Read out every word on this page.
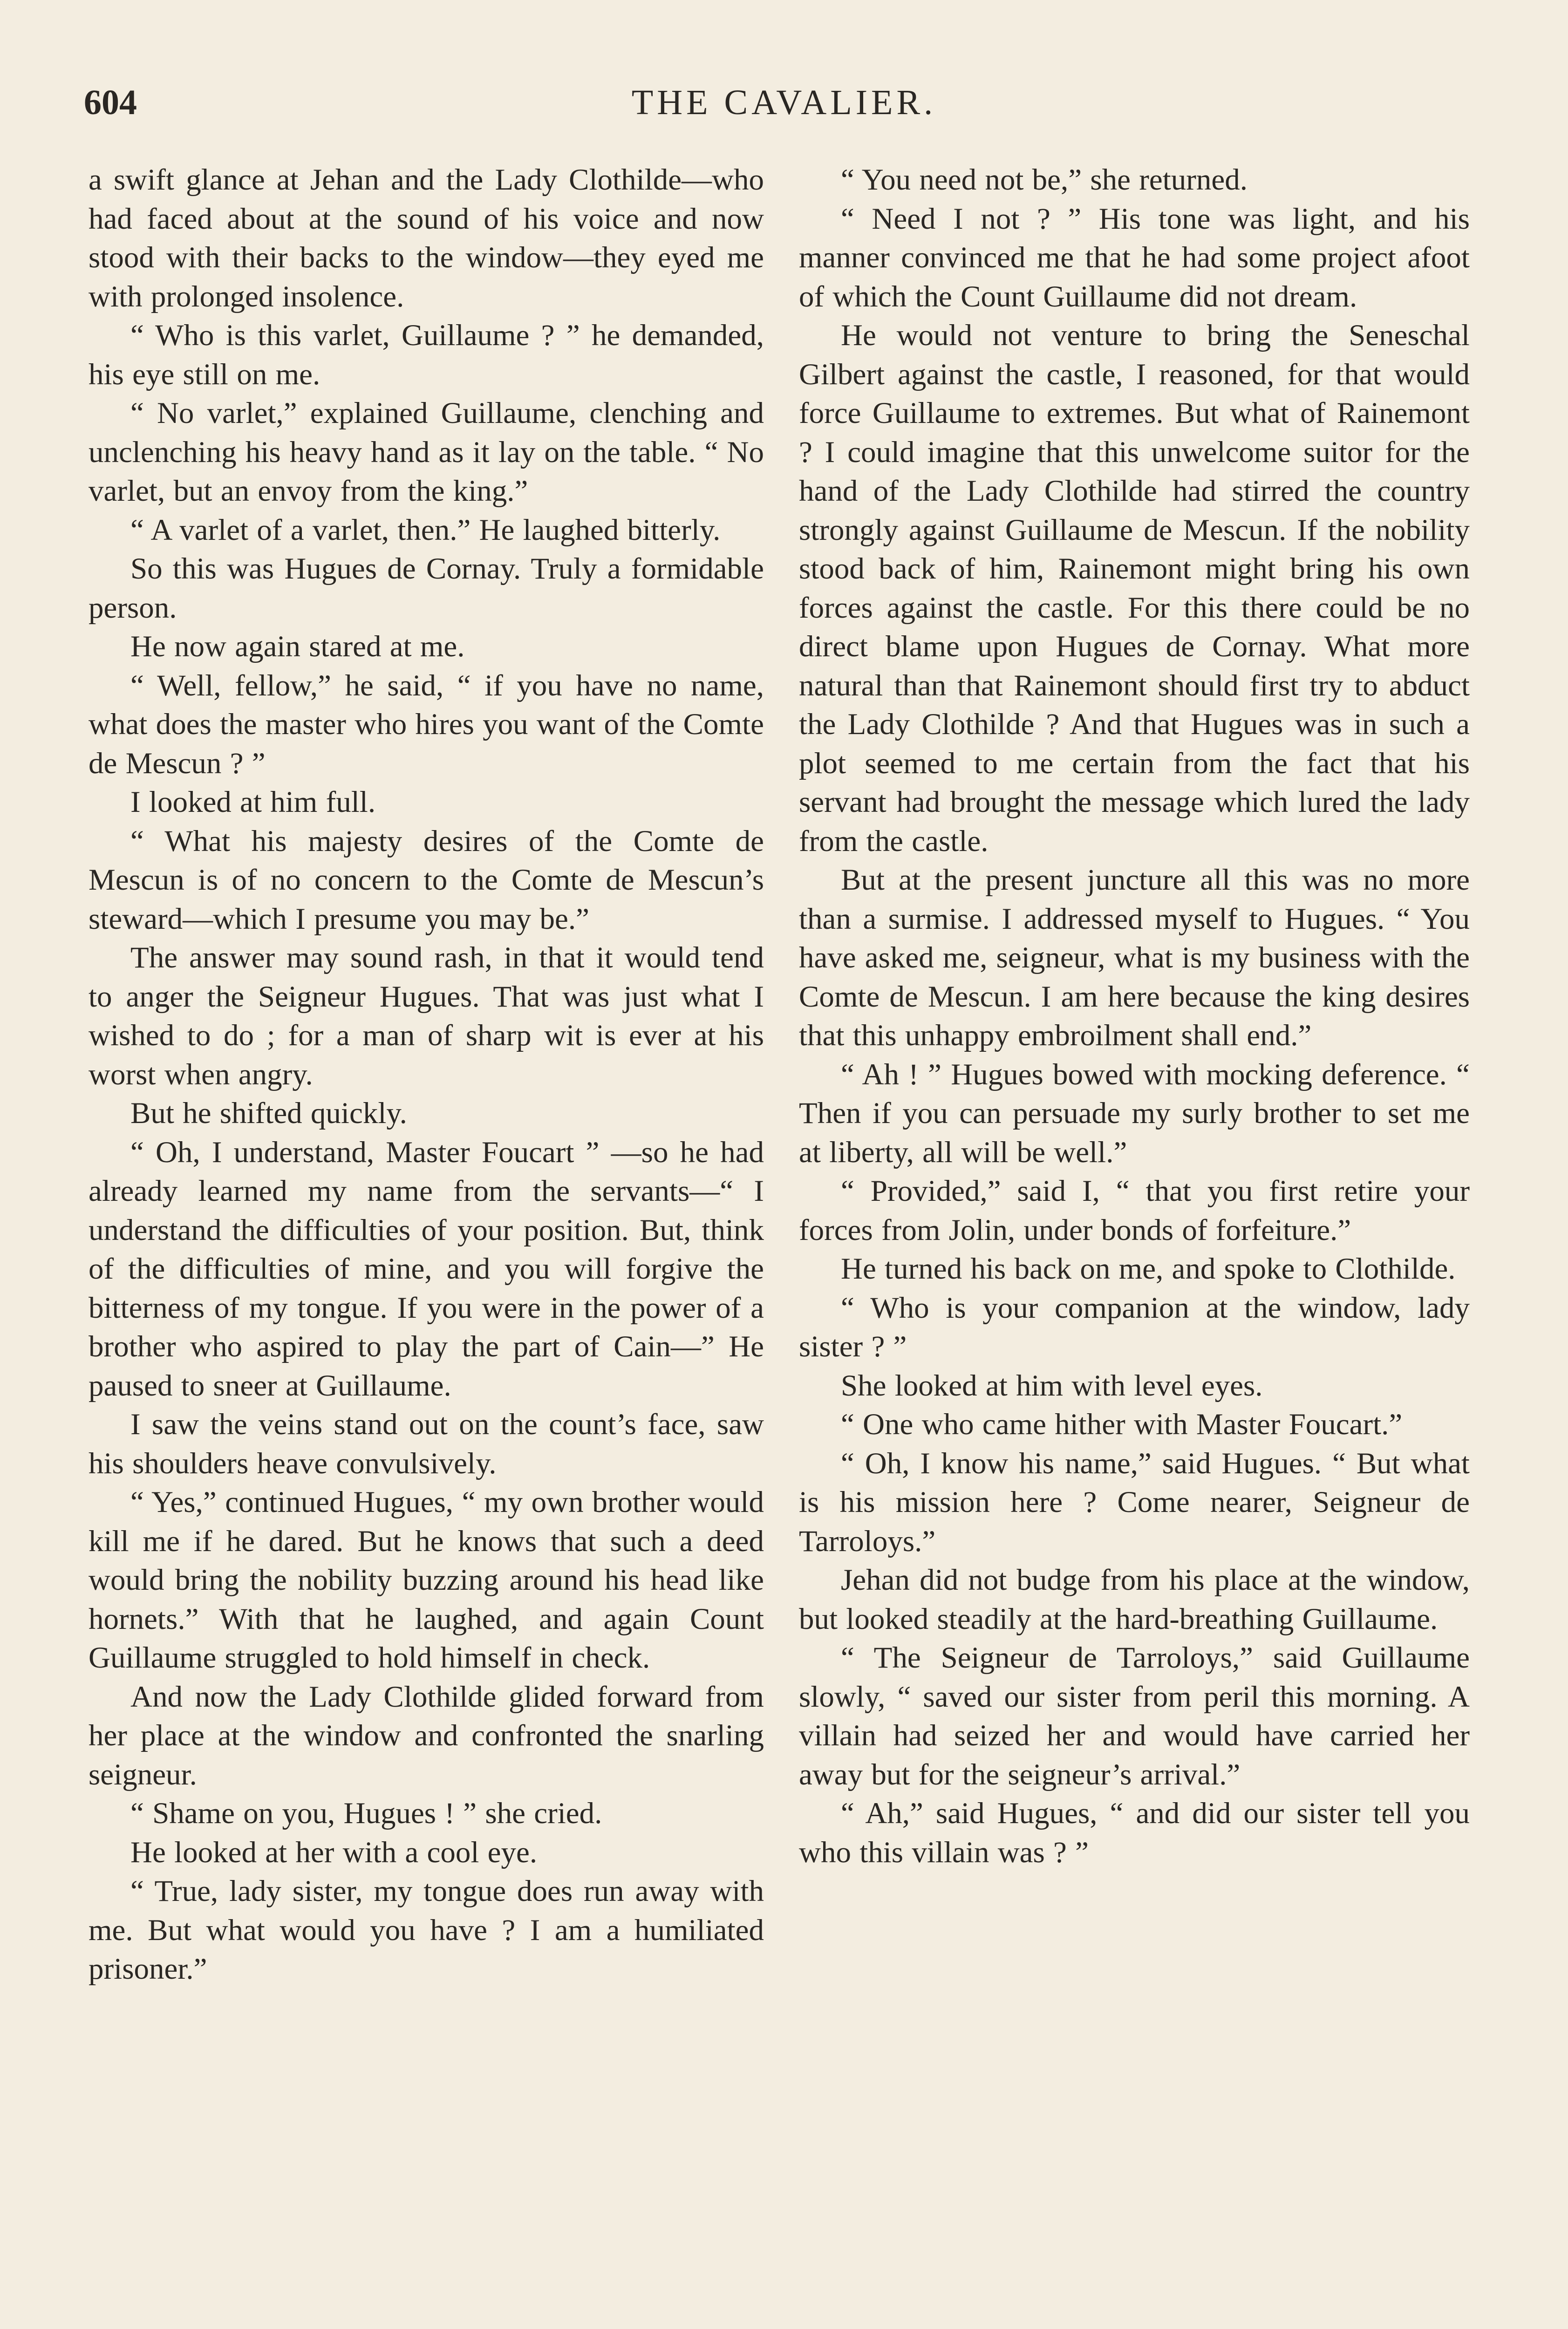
604	THE CAVALIER.

a swift glance at Jehan and the Lady Clothilde—who had faced about at the sound of his voice and now stood with their backs to the window—they eyed me with prolonged insolence.

“ Who is this varlet, Guillaume ? ” he demanded, his eye still on me.

“ No varlet,” explained Guillaume, clenching and unclenching his heavy hand as it lay on the table. “ No varlet, but an envoy from the king.”

“ A varlet of a varlet, then.” He laughed bitterly.

So this was Hugues de Cornay. Truly a formidable person.

He now again stared at me.

“ Well, fellow,” he said, “ if you have no name, what does the master who hires you want of the Comte de Mescun ? ”

I looked at him full.

“ What his majesty desires of the Comte de Mescun is of no concern to the Comte de Mescun’s steward—which I presume you may be.”

The answer may sound rash, in that it would tend to anger the Seigneur Hugues. That was just what I wished to do ; for a man of sharp wit is ever at his worst when angry.

But he shifted quickly.

“ Oh, I understand, Master Foucart ” —so he had already learned my name from the servants—“ I understand the difficulties of your position. But, think of the difficulties of mine, and you will forgive the bitterness of my tongue. If you were in the power of a brother who aspired to play the part of Cain—” He paused to sneer at Guillaume.

I saw the veins stand out on the count’s face, saw his shoulders heave convulsively.

“ Yes,” continued Hugues, “ my own brother would kill me if he dared. But he knows that such a deed would bring the nobility buzzing around his head like hornets.” With that he laughed, and again Count Guillaume struggled to hold himself in check.

And now the Lady Clothilde glided forward from her place at the window and confronted the snarling seigneur.

“ Shame on you, Hugues ! ” she cried.

He looked at her with a cool eye.

“ True, lady sister, my tongue does run away with me. But what would you have ? I am a humiliated prisoner.”

“ You need not be,” she returned.

“ Need I not ? ” His tone was light, and his manner convinced me that he had some project afoot of which the Count Guillaume did not dream.

He would not venture to bring the Seneschal Gilbert against the castle, I reasoned, for that would force Guillaume to extremes. But what of Rainemont ? I could imagine that this unwelcome suitor for the hand of the Lady Clothilde had stirred the country strongly against Guillaume de Mescun. If the nobility stood back of him, Rainemont might bring his own forces against the castle. For this there could be no direct blame upon Hugues de Cornay. What more natural than that Rainemont should first try to abduct the Lady Clothilde ? And that Hugues was in such a plot seemed to me certain from the fact that his servant had brought the message which lured the lady from the castle.

But at the present juncture all this was no more than a surmise. I addressed myself to Hugues. “ You have asked me, seigneur, what is my business with the Comte de Mescun. I am here because the king desires that this unhappy embroilment shall end.”

“ Ah ! ” Hugues bowed with mocking deference. “ Then if you can persuade my surly brother to set me at liberty, all will be well.”

“ Provided,” said I, “ that you first retire your forces from Jolin, under bonds of forfeiture.”

He turned his back on me, and spoke to Clothilde.

“ Who is your companion at the window, lady sister ? ”

She looked at him with level eyes.

“ One who came hither with Master Foucart.”

“ Oh, I know his name,” said Hugues. “ But what is his mission here ? Come nearer, Seigneur de Tarroloys.”

Jehan did not budge from his place at the window, but looked steadily at the hard-breathing Guillaume.

“ The Seigneur de Tarroloys,” said Guillaume slowly, “ saved our sister from peril this morning. A villain had seized her and would have carried her away but for the seigneur’s arrival.”

“ Ah,” said Hugues, “ and did our sister tell you who this villain was ? ”
